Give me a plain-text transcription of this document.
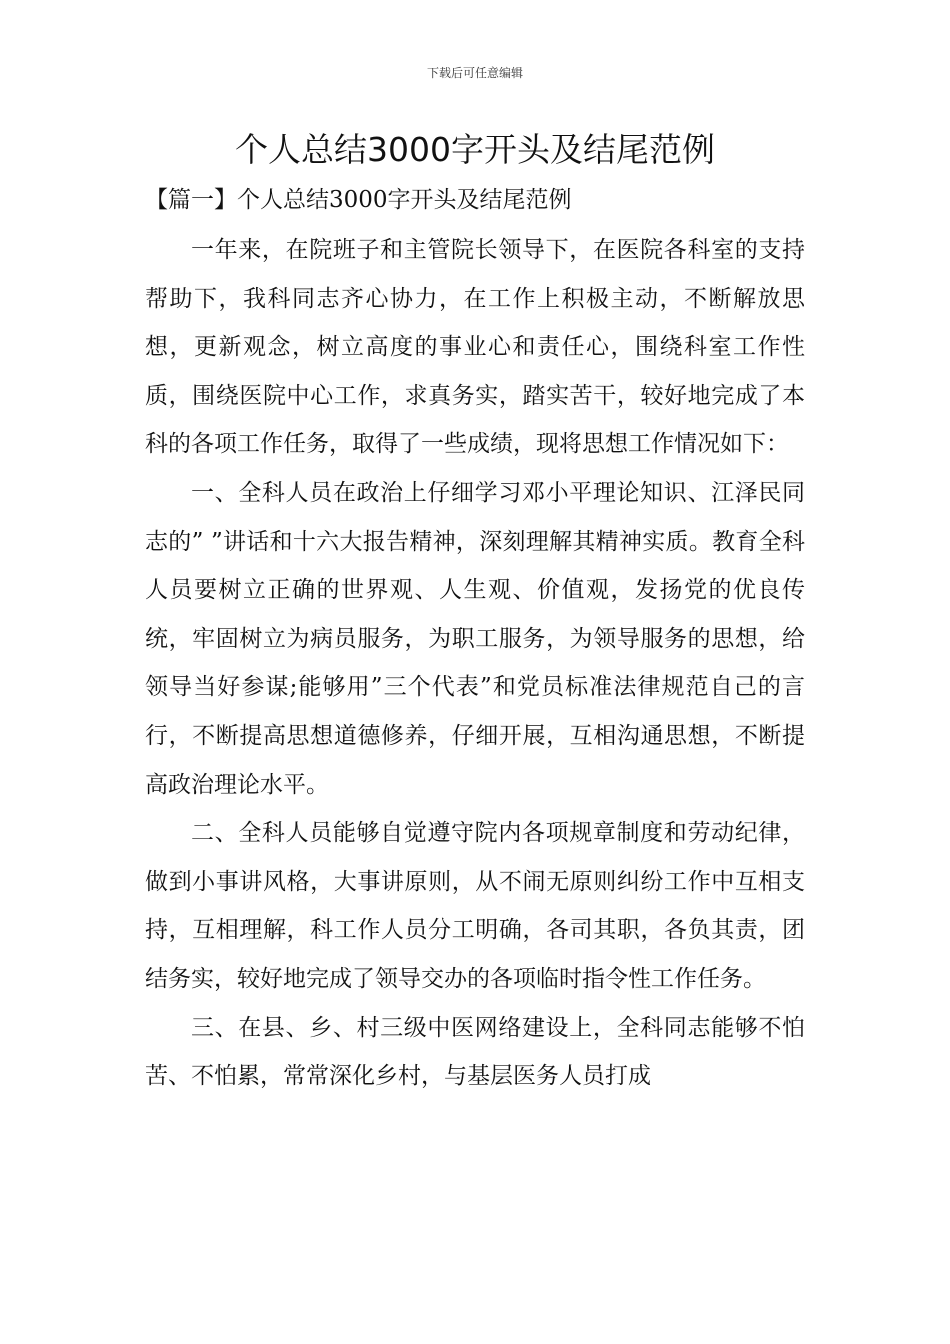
下载后可任意编辑
个人总结3000字开头及结尾范例
【篇一】个人总结3000字开头及结尾范例

一年来，在院班子和主管院长领导下，在医院各科室的支持帮助下，我科同志齐心协力，在工作上积极主动，不断解放思想，更新观念，树立高度的事业心和责任心，围绕科室工作性质，围绕医院中心工作，求真务实，踏实苦干，较好地完成了本科的各项工作任务，取得了一些成绩，现将思想工作情况如下：

一、全科人员在政治上仔细学习邓小平理论知识、江泽民同志的” ”讲话和十六大报告精神，深刻理解其精神实质。教育全科人员要树立正确的世界观、人生观、价值观，发扬党的优良传统，牢固树立为病员服务，为职工服务，为领导服务的思想，给领导当好参谋;能够用”三个代表”和党员标准法律规范自己的言行，不断提高思想道德修养，仔细开展，互相沟通思想，不断提高政治理论水平。

二、全科人员能够自觉遵守院内各项规章制度和劳动纪律，做到小事讲风格，大事讲原则，从不闹无原则纠纷工作中互相支持，互相理解，科工作人员分工明确，各司其职，各负其责，团结务实，较好地完成了领导交办的各项临时指令性工作任务。

三、在县、乡、村三级中医网络建设上，全科同志能够不怕苦、不怕累，常常深化乡村，与基层医务人员打成
